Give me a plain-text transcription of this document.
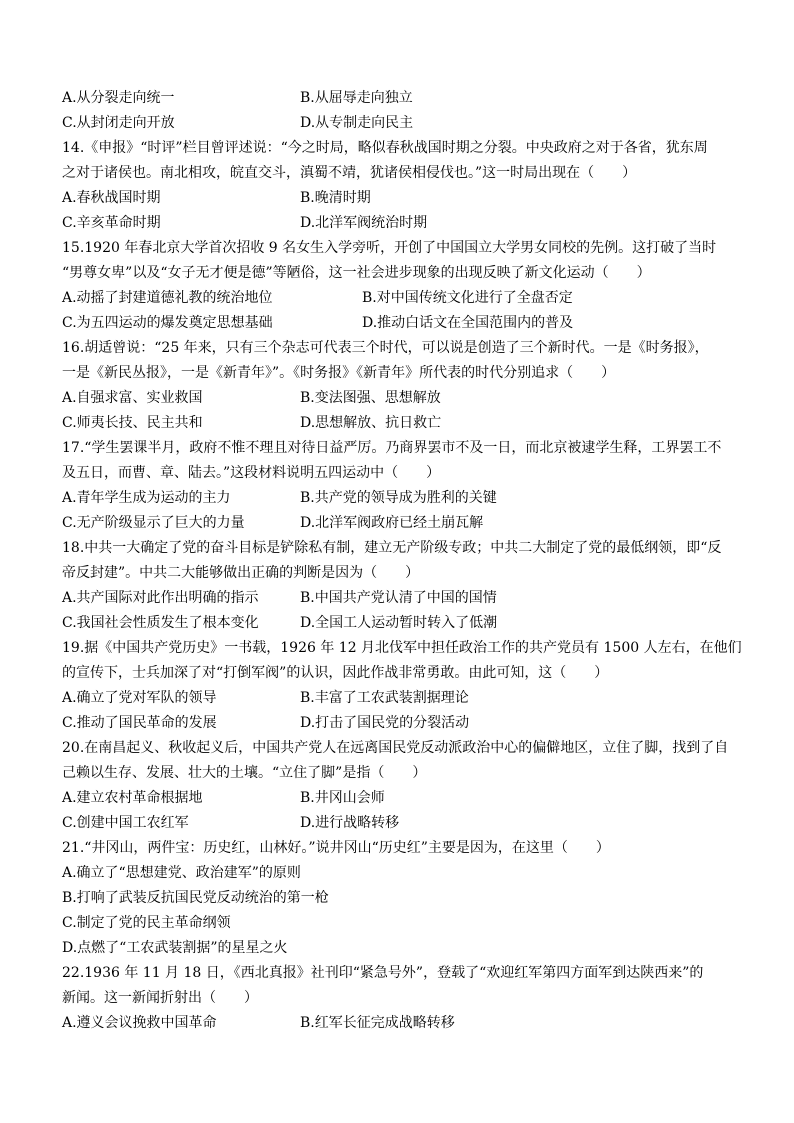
A.从分裂走向统一	B.从屈辱走向独立
C.从封闭走向开放	D.从专制走向民主
14.《申报》“时评”栏目曾评述说：“今之时局，略似春秋战国时期之分裂。中央政府之对于各省，犹东周
之对于诸侯也。南北相攻，皖直交斗，滇蜀不靖，犹诸侯相侵伐也。”这一时局出现在（　　）
A.春秋战国时期	B.晚清时期
C.辛亥革命时期	D.北洋军阀统治时期
15.1920 年春北京大学首次招收 9 名女生入学旁听，开创了中国国立大学男女同校的先例。这打破了当时
“男尊女卑”以及“女子无才便是德”等陋俗，这一社会进步现象的出现反映了新文化运动（　　）
A.动摇了封建道德礼教的统治地位	B.对中国传统文化进行了全盘否定
C.为五四运动的爆发奠定思想基础	D.推动白话文在全国范围内的普及
16.胡适曾说：“25 年来，只有三个杂志可代表三个时代，可以说是创造了三个新时代。一是《时务报》，
一是《新民丛报》，一是《新青年》”。《时务报》《新青年》所代表的时代分别追求（　　）
A.自强求富、实业救国	B.变法图强、思想解放
C.师夷长技、民主共和	D.思想解放、抗日救亡
17.“学生罢课半月，政府不惟不理且对待日益严厉。乃商界罢市不及一日，而北京被逮学生释，工界罢工不
及五日，而曹、章、陆去。”这段材料说明五四运动中（　　）
A.青年学生成为运动的主力	B.共产党的领导成为胜利的关键
C.无产阶级显示了巨大的力量	D.北洋军阀政府已经土崩瓦解
18.中共一大确定了党的奋斗目标是铲除私有制，建立无产阶级专政；中共二大制定了党的最低纲领，即“反
帝反封建”。中共二大能够做出正确的判断是因为（　　）
A.共产国际对此作出明确的指示	B.中国共产党认清了中国的国情
C.我国社会性质发生了根本变化	D.全国工人运动暂时转入了低潮
19.据《中国共产党历史》一书载，1926 年 12 月北伐军中担任政治工作的共产党员有 1500 人左右，在他们
的宣传下，士兵加深了对“打倒军阀”的认识，因此作战非常勇敢。由此可知，这（　　）
A.确立了党对军队的领导	B.丰富了工农武装割据理论
C.推动了国民革命的发展	D.打击了国民党的分裂活动
20.在南昌起义、秋收起义后，中国共产党人在远离国民党反动派政治中心的偏僻地区，立住了脚，找到了自
己赖以生存、发展、壮大的土壤。“立住了脚”是指（　　）
A.建立农村革命根据地	B.井冈山会师
C.创建中国工农红军	D.进行战略转移
21.“井冈山，两件宝：历史红，山林好。”说井冈山“历史红”主要是因为，在这里（　　）
A.确立了“思想建党、政治建军”的原则
B.打响了武装反抗国民党反动统治的第一枪
C.制定了党的民主革命纲领
D.点燃了“工农武装割据”的星星之火
22.1936 年 11 月 18 日，《西北真报》社刊印“紧急号外”，登载了“欢迎红军第四方面军到达陕西来”的
新闻。这一新闻折射出（　　）
A.遵义会议挽救中国革命	B.红军长征完成战略转移
